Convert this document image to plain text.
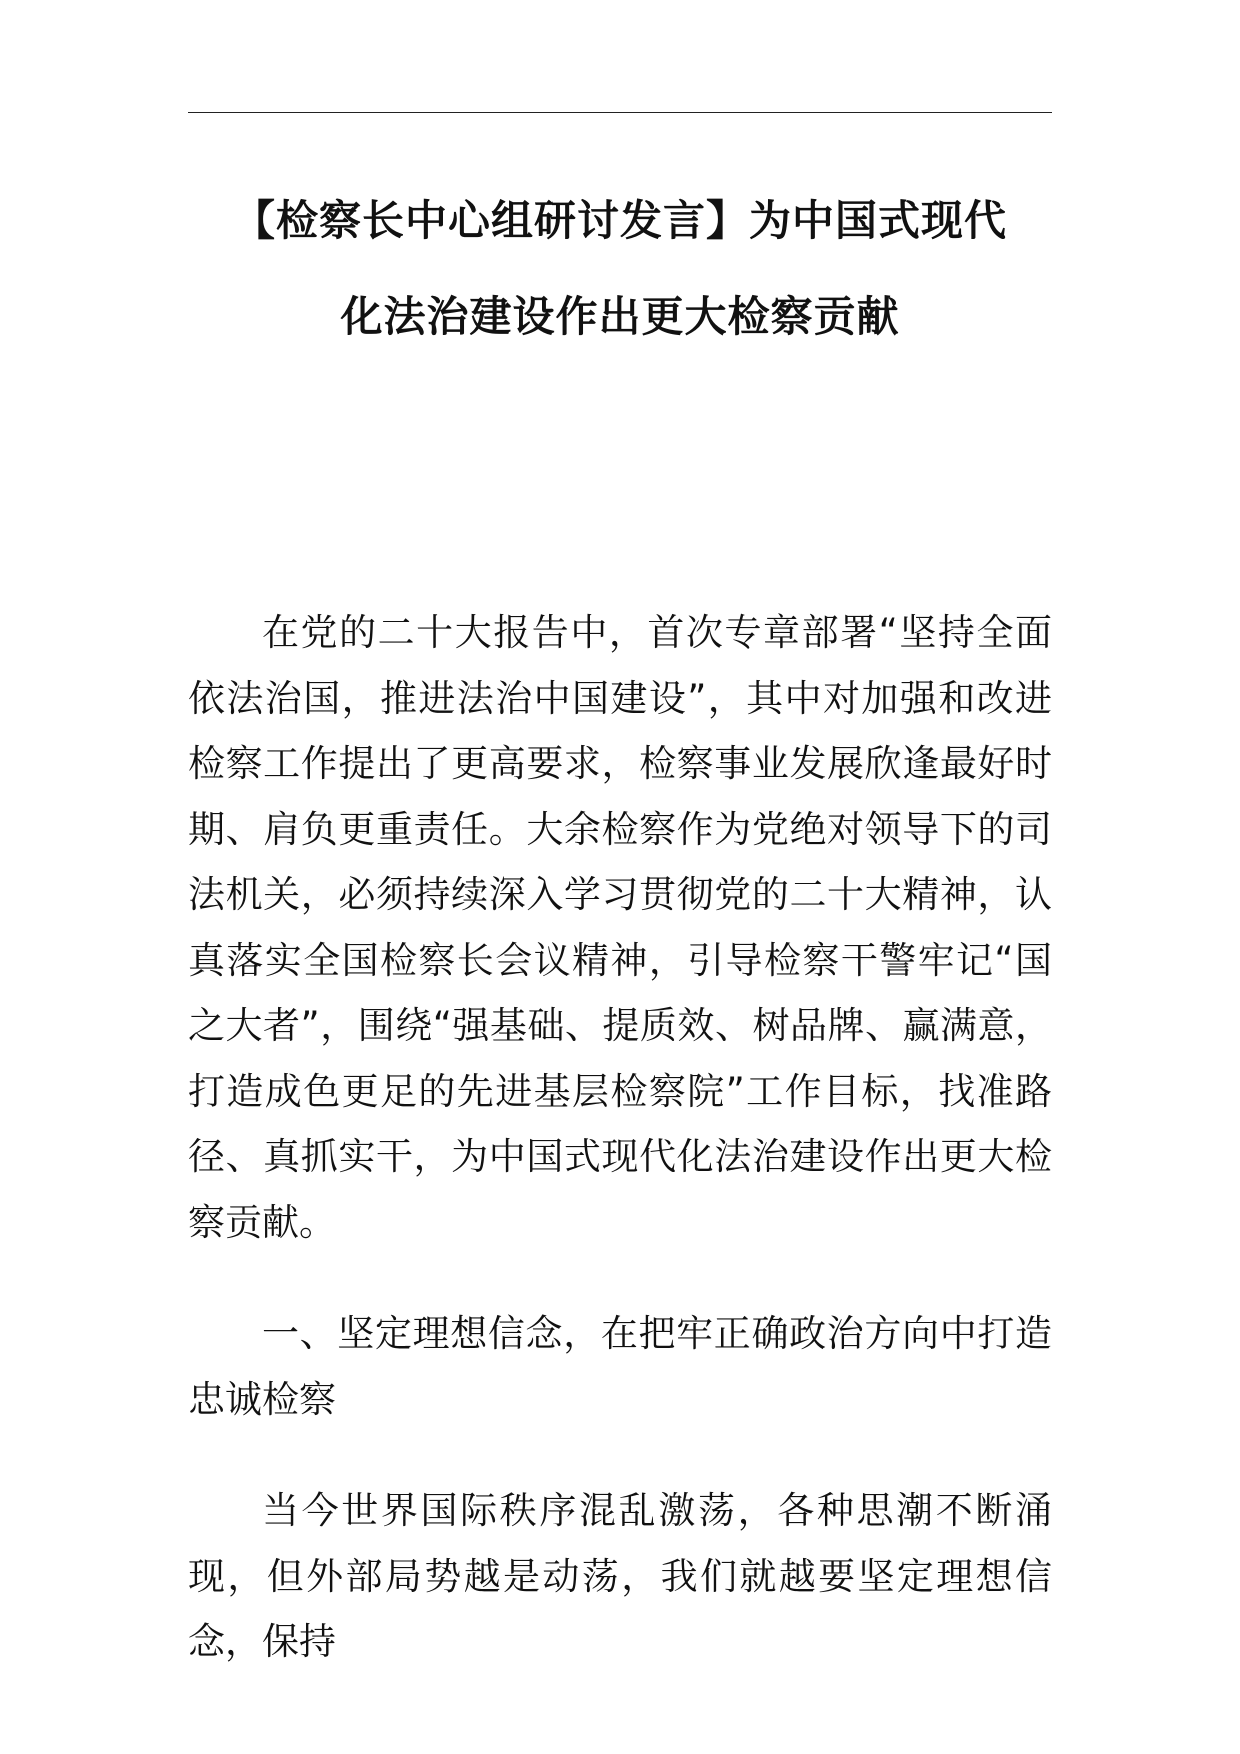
【检察长中心组研讨发言】为中国式现代
化法治建设作出更大检察贡献

在党的二十大报告中，首次专章部署“坚持全面依法治国，推进法治中国建设”，其中对加强和改进检察工作提出了更高要求，检察事业发展欣逢最好时期、肩负更重责任。大余检察作为党绝对领导下的司法机关，必须持续深入学习贯彻党的二十大精神，认真落实全国检察长会议精神，引导检察干警牢记“国之大者”，围绕“强基础、提质效、树品牌、赢满意，打造成色更足的先进基层检察院”工作目标，找准路径、真抓实干，为中国式现代化法治建设作出更大检察贡献。

一、坚定理想信念，在把牢正确政治方向中打造忠诚检察

当今世界国际秩序混乱激荡，各种思潮不断涌现，但外部局势越是动荡，我们就越要坚定理想信念，保持
